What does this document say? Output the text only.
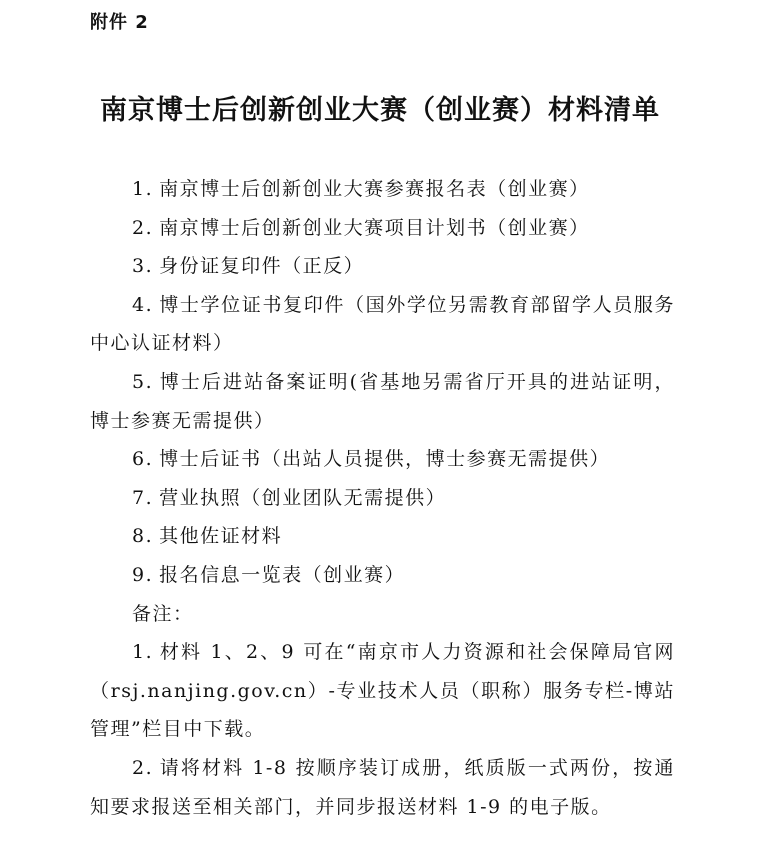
附件 2
南京博士后创新创业大赛（创业赛）材料清单

1. 南京博士后创新创业大赛参赛报名表（创业赛）

2. 南京博士后创新创业大赛项目计划书（创业赛）

3. 身份证复印件（正反）

4. 博士学位证书复印件（国外学位另需教育部留学人员服务中心认证材料）

5. 博士后进站备案证明(省基地另需省厅开具的进站证明，博士参赛无需提供）

6. 博士后证书（出站人员提供，博士参赛无需提供）

7. 营业执照（创业团队无需提供）

8. 其他佐证材料

9. 报名信息一览表（创业赛）

备注：

1. 材料 1、2、9 可在“南京市人力资源和社会保障局官网（rsj.nanjing.gov.cn）-专业技术人员（职称）服务专栏-博站管理”栏目中下载。

2. 请将材料 1-8 按顺序装订成册，纸质版一式两份，按通知要求报送至相关部门，并同步报送材料 1-9 的电子版。
